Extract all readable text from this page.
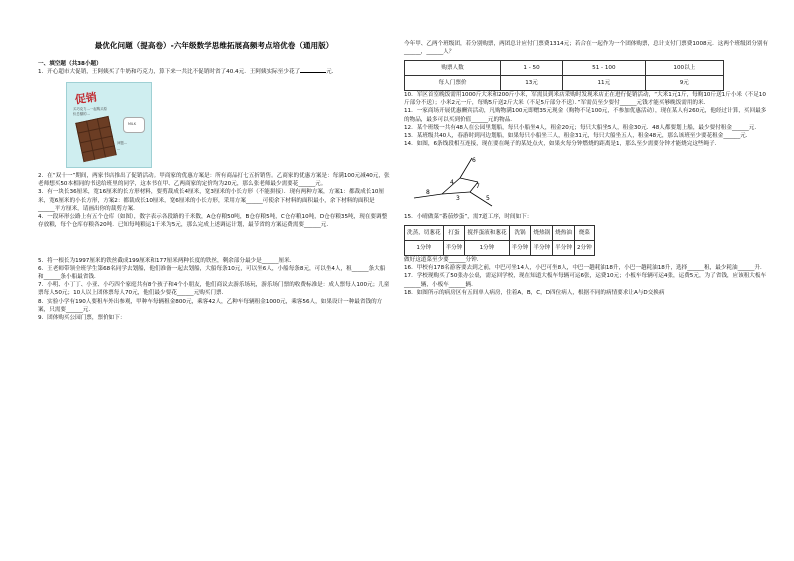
最优化问题（提高卷）-六年级数学思维拓展高频考点培优卷（通用版）

一、填空题（共38小题）

1．开心超市大促销，王阿姨买了牛奶和巧克力，算下来一共比不促销时省了40.4元．王阿姨实际至少花了	元．

促销
买巧克力…一起购买原
价总额的…
MILK
问题…
…

2．在“双十一”期间，两家书店推出了促销活动。甲商家的优惠方案是：所有商品打七五折销售。乙商家的优惠方案是：每满100元减40元，张老师想买50本相同的书送给班里的同学，这本书在甲、乙两商家的定价均为20元，那么张老师最少需要花______元。

3．有一块长36厘米，宽16厘米的长方形材料，要剪裁成长4厘米，宽3厘米的小长方形（不能拼接）．现有两种方案，方案1：都裁成长10厘米，宽6厘米的小长方形，方案2：都裁成长10厘米，宽6厘米的小长方形，采用方案______可使余下材料的面积最小，余下材料的面积是______平方厘米，请画出你的裁剪方案．

4．一段环形公路上有五个仓库（如图），数字表示各段路的千米数，A仓存粮50吨，B仓存粮5吨，C仓存粮10吨，D仓存粮35吨，现在要调整存放粮，每个仓库存粮各20吨．已知每吨粮运1千米为5元，那么完成上述调运计划，最节省的方案运费需要______元．

5．将一根长为1997厘米的铁丝截成199厘米和177厘米两种长度的铁丝，剩余部分最少是______厘米．

6．王老师带领全班学生第68名同学去划船，他们准备一起去划船，大船每条10元，可以坐6人，小船每条8元，可以坐4人，租______条大船和______条小船最省钱．

7．小明、小丁丁、小亚、小巧四个家庭共有8个孩子和4个小朋友，他们商议去游乐场玩，游乐场门票的收费标准是：成人票每人100元；儿童票每人50元；10人以上团体票每人70元，他们最少要花______元购买门票．

8．实验小学有190人要租车外出参观，甲种车每辆租金800元，乘客42人，乙种车每辆租金1000元，乘客56人，如果设计一种最省钱的方案，只需要______元．

9．团体购买公园门票，票价如下：

今年甲、乙两个班级团，若分别购票，两团总计应付门票费1314元；若合在一起作为一个团体购票，总计支付门票费1008元．这两个班级团分别有______，______人？

购票人数	1 - 50	51 - 100	100以上
每人门票价	13元	11元	9元

10．军区首室晚饭需用1000斤大米和200斤小米，军需员到米店采购时发现米店正在进行促销活动，“大米1元1斤，每购10斤送1斤小米（不足10斤部分不送）；小米2元一斤，每购5斤送2斤大米（不足5斤部分不送）．”军需员至少要付______元钱才能买够晚饭需用的米．

11．一家商场开展优惠酬宾活动，凡购物满100元即赠35元现金（购物不足100元，不参加优惠活动），现在某人有260元，他经过计算，买回最多的物品，最多可以买到价值______元的物品．

12．某个班级一共有48人在公园里划船，每只小船坐4人，租金20元；每只大船坐5人，租金30元．48人都要划上船，最少要付租金______元．

13．某班级共40人，春游时到河边划船，如果每只小船坐三人，租金31元，每只大船坐五人，租金48元，那么该班至少要花租金______元．

14．如图，6条线段相互连接，现在要在绳子的某处点火，如果火每分钟燃烧的距离是1，那么至少需要分钟才能烧完这些绳子．

6
4
7
8
3	5

15．小晴做菜“番茄炒蛋”，需7道工序，时间如下：

洗蒸，切葱花	打蛋	搅拌蛋液和葱花	洗锅	烧热锅	烧热油	烧菜
1分钟	半分钟	1分钟	半分钟	半分钟	半分钟	2分钟

做好这道菜至少要______分钟．

16．甲校有178名游客要去到之前，中巴可坐14人，小巴可坐8人，中巴一趟耗油18升，小巴一趟耗油18升，选择______租，最少耗油______升．

17．学校现购买了50张办公桌，需运回学校，现在知道大板车每辆可运6张，运费10元；小板车每辆可运4张，运费5元，为了省钱，应该租大板车______辆，小板车______辆．

18．如图所示的病房区有五间单人病房，住着A，B，C，D四位病人，根据不同的病情要求让A与D交换病
